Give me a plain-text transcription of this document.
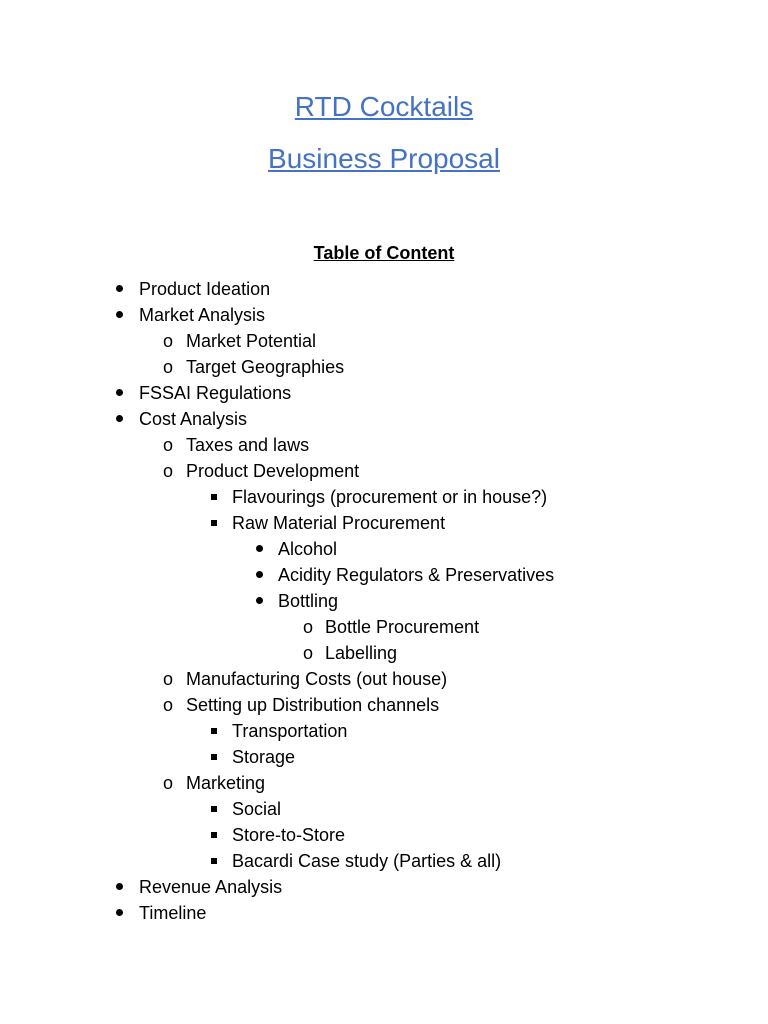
RTD Cocktails
Business Proposal
Table of Content
Product Ideation
Market Analysis
o Market Potential
o Target Geographies
FSSAI Regulations
Cost Analysis
o Taxes and laws
o Product Development
Flavourings (procurement or in house?)
Raw Material Procurement
Alcohol
Acidity Regulators & Preservatives
Bottling
o Bottle Procurement
o Labelling
o Manufacturing Costs (out house)
o Setting up Distribution channels
Transportation
Storage
o Marketing
Social
Store-to-Store
Bacardi Case study (Parties & all)
Revenue Analysis
Timeline
